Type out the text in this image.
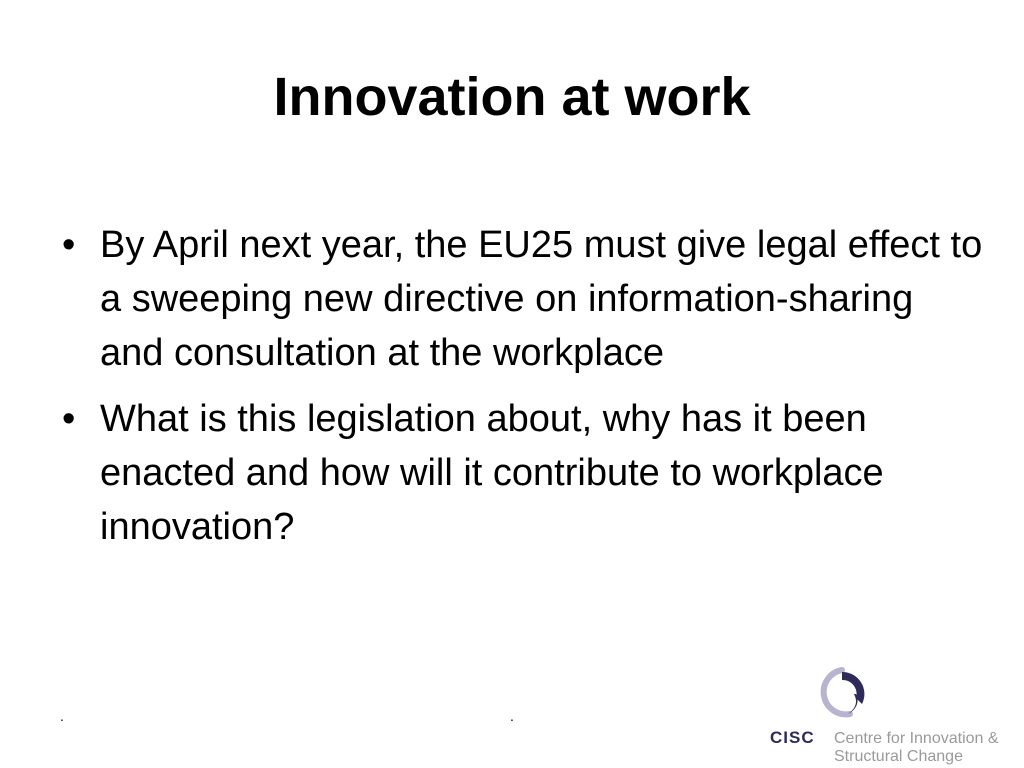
Innovation at work
• By April next year, the EU25 must give legal effect to a sweeping new directive on information-sharing and consultation at the workplace
• What is this legislation about, why has it been enacted and how will it contribute to workplace innovation?
.	.
CISC Centre for Innovation &
Structural Change
